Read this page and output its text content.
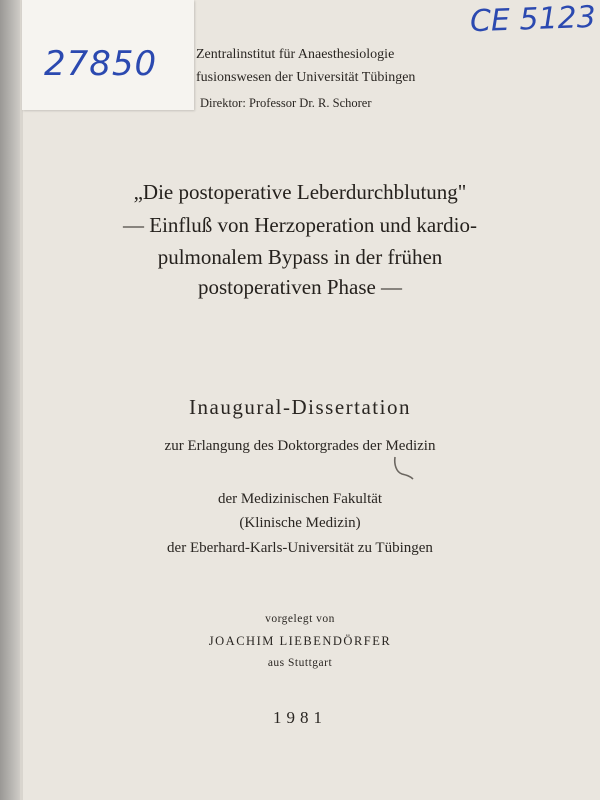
Zentralinstitut für Anaesthesiologie
fusionswesen der Universität Tübingen
Direktor: Professor Dr. R. Schorer
27850
CE 5123
„Die postoperative Leberdurchblutung"
— Einfluß von Herzoperation und kardio-
pulmonalem Bypass in der frühen
postoperativen Phase —
Inaugural-Dissertation
zur Erlangung des Doktorgrades der Medizin
der Medizinischen Fakultät
(Klinische Medizin)
der Eberhard-Karls-Universität zu Tübingen
vorgelegt von
JOACHIM LIEBENDÖRFER
aus Stuttgart
1981
